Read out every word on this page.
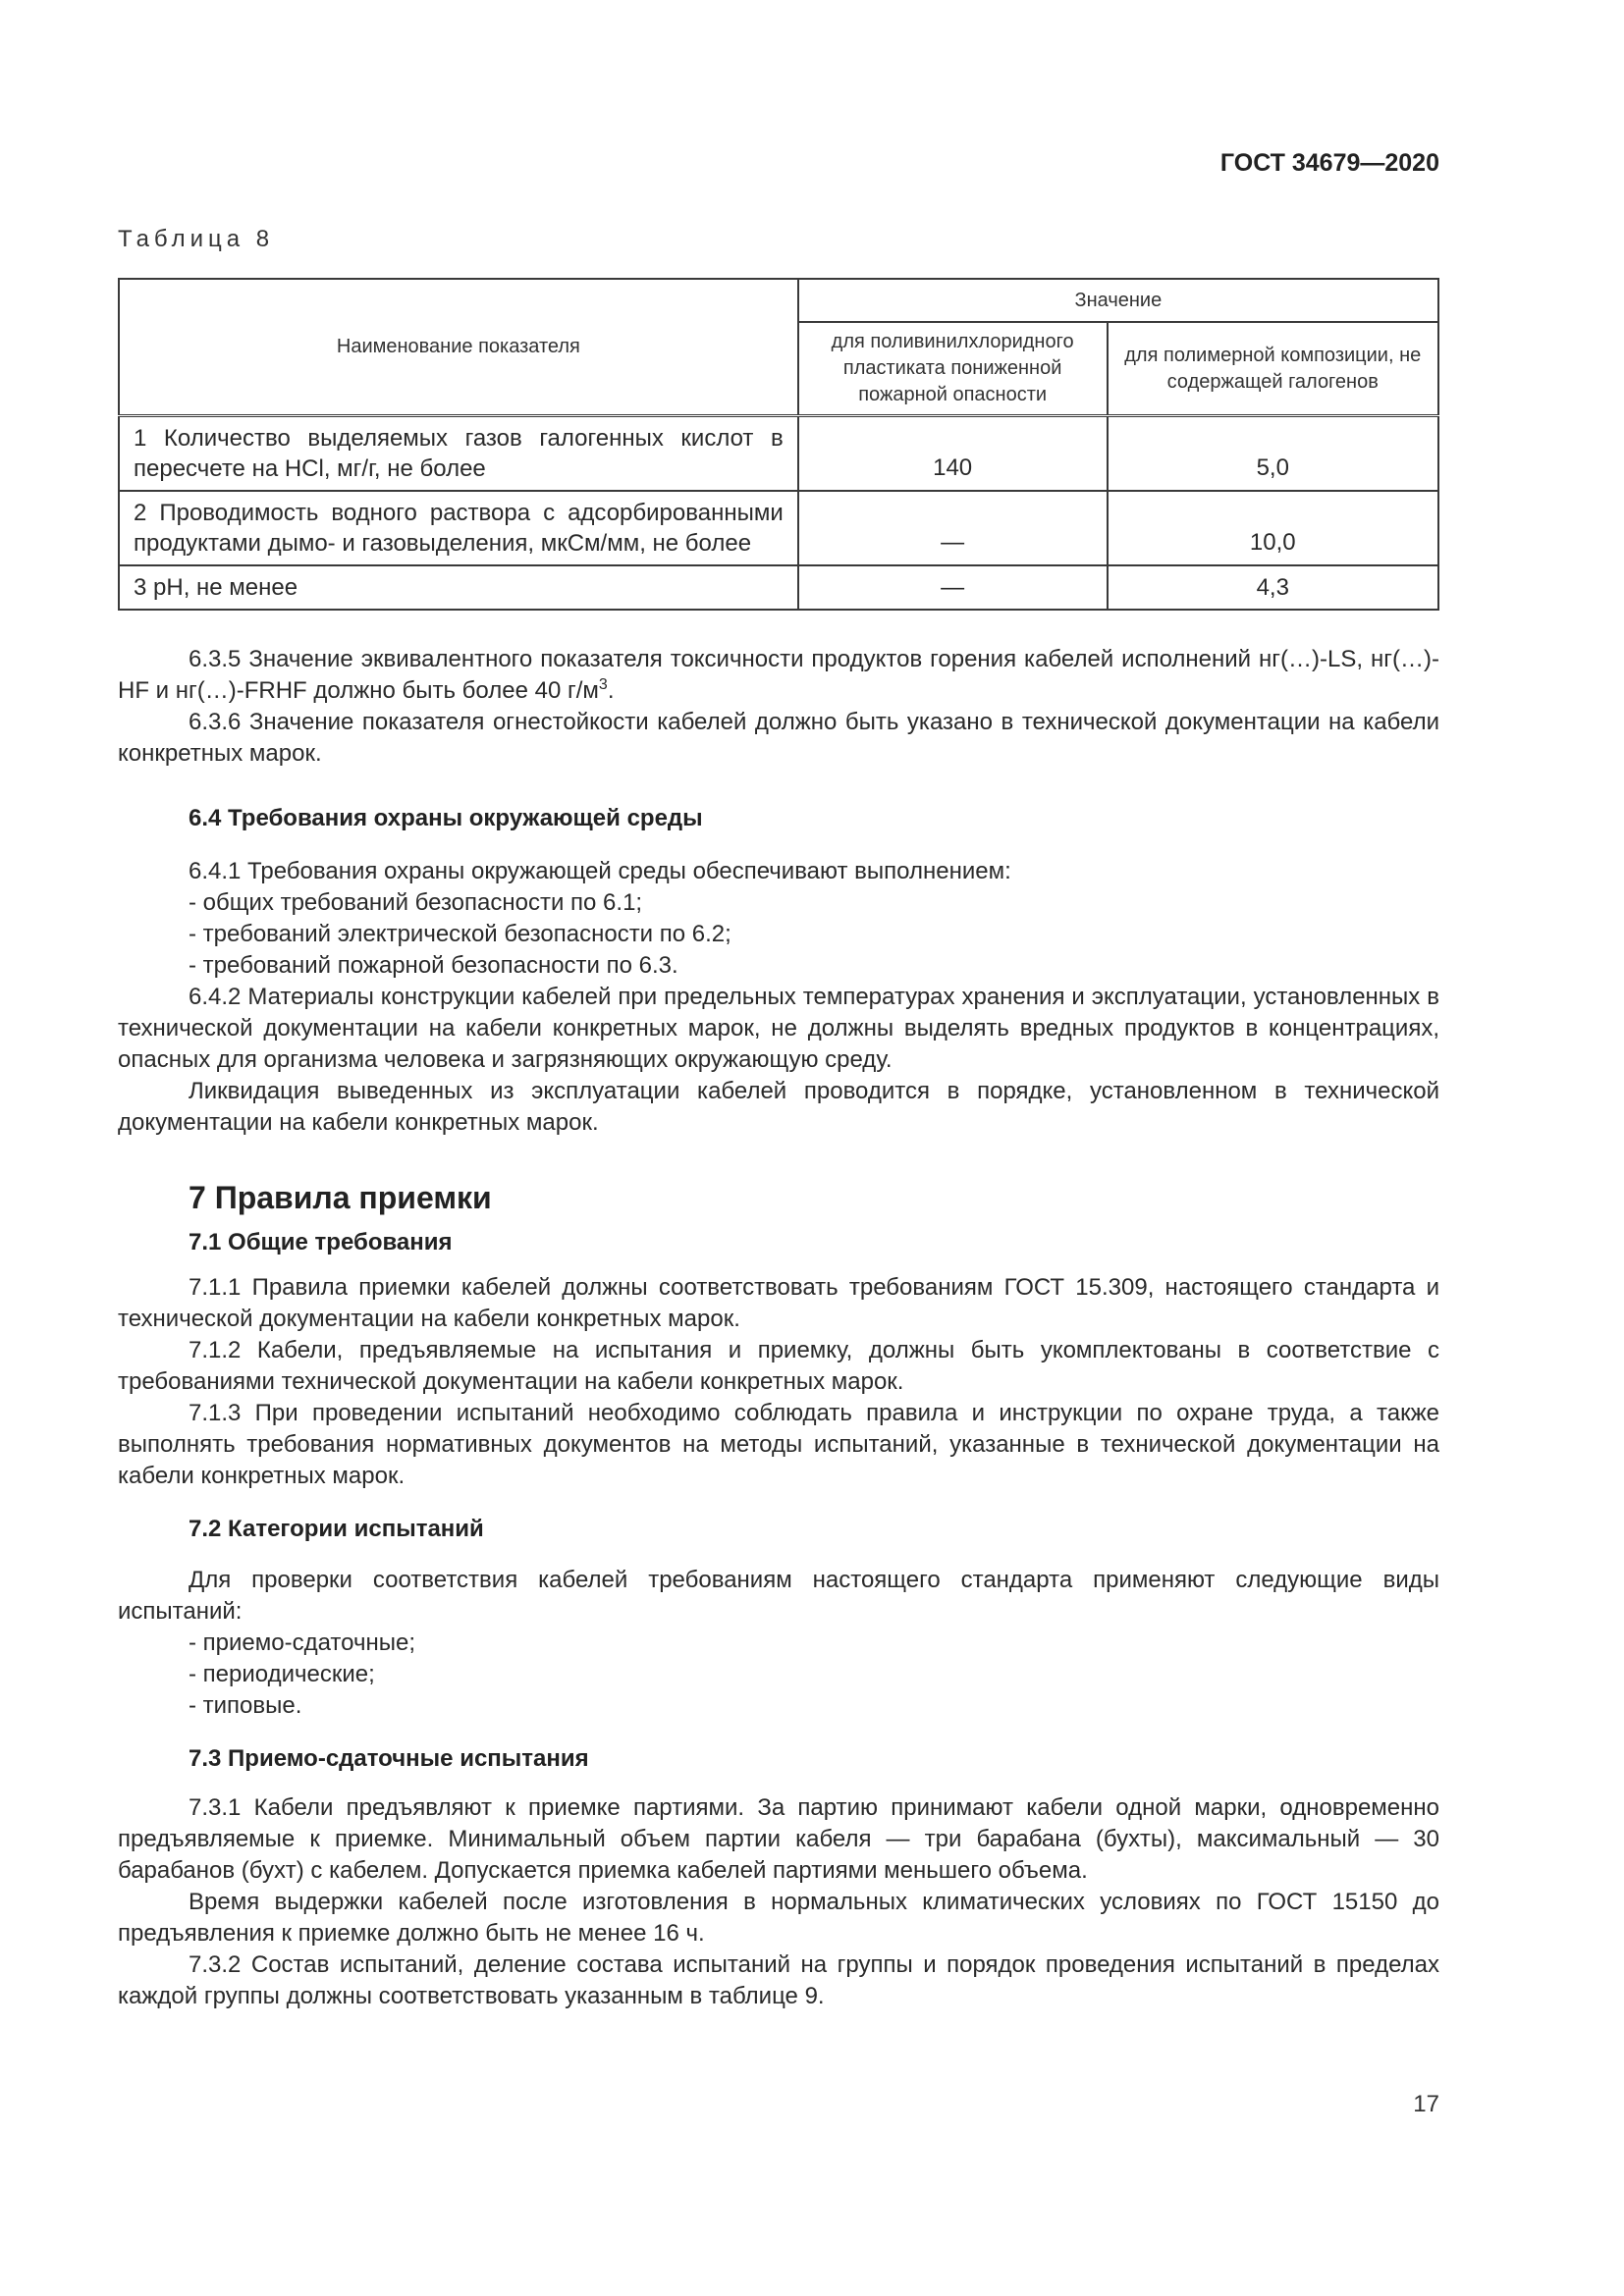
ГОСТ 34679—2020
Таблица 8
Наименование показателя	Значение	
	для поливинилхлоридного пластиката пониженной пожарной опасности	для полимерной композиции, не содержащей галогенов
1 Количество выделяемых газов галогенных кислот в пересчете на HCl, мг/г, не более	140	5,0
2 Проводимость водного раствора с адсорбированными продуктами дымо- и газовыделения, мкСм/мм, не более	—	10,0
3 pH, не менее	—	4,3

6.3.5 Значение эквивалентного показателя токсичности продуктов горения кабелей исполнений нг(…)-LS, нг(…)-HF и нг(…)-FRHF должно быть более 40 $г/м^3$.

6.3.6 Значение показателя огнестойкости кабелей должно быть указано в технической документации на кабели конкретных марок.

6.4 Требования охраны окружающей среды

6.4.1 Требования охраны окружающей среды обеспечивают выполнением:

- общих требований безопасности по 6.1;

- требований электрической безопасности по 6.2;

- требований пожарной безопасности по 6.3.

6.4.2 Материалы конструкции кабелей при предельных температурах хранения и эксплуатации, установленных в технической документации на кабели конкретных марок, не должны выделять вредных продуктов в концентрациях, опасных для организма человека и загрязняющих окружающую среду.

Ликвидация выведенных из эксплуатации кабелей проводится в порядке, установленном в технической документации на кабели конкретных марок.

7 Правила приемки
7.1 Общие требования

7.1.1 Правила приемки кабелей должны соответствовать требованиям ГОСТ 15.309, настоящего стандарта и технической документации на кабели конкретных марок.

7.1.2 Кабели, предъявляемые на испытания и приемку, должны быть укомплектованы в соответствие с требованиями технической документации на кабели конкретных марок.

7.1.3 При проведении испытаний необходимо соблюдать правила и инструкции по охране труда, а также выполнять требования нормативных документов на методы испытаний, указанные в технической документации на кабели конкретных марок.

7.2 Категории испытаний

Для проверки соответствия кабелей требованиям настоящего стандарта применяют следующие виды испытаний:

- приемо-сдаточные;

- периодические;

- типовые.

7.3 Приемо-сдаточные испытания

7.3.1 Кабели предъявляют к приемке партиями. За партию принимают кабели одной марки, одновременно предъявляемые к приемке. Минимальный объем партии кабеля — три барабана (бухты), максимальный — 30 барабанов (бухт) с кабелем. Допускается приемка кабелей партиями меньшего объема.

Время выдержки кабелей после изготовления в нормальных климатических условиях по ГОСТ 15150 до предъявления к приемке должно быть не менее 16 ч.

7.3.2 Состав испытаний, деление состава испытаний на группы и порядок проведения испытаний в пределах каждой группы должны соответствовать указанным в таблице 9.

17
